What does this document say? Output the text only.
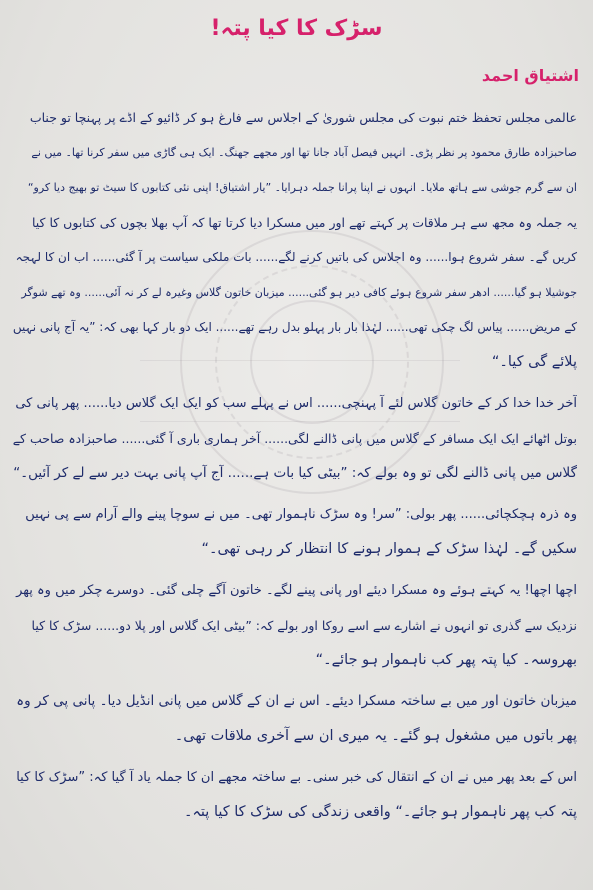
سڑک کا کیا پتہ!
اشتیاق احمد
عالمی مجلس تحفظ ختم نبوت کی مجلس شوریٰ کے اجلاس سے فارغ ہو کر ڈائیو کے اڈے پر پہنچا تو جناب
صاحبزادہ طارق محمود پر نظر پڑی۔ انہیں فیصل آباد جانا تھا اور مجھے جھنگ۔ ایک ہی گاڑی میں سفر کرنا تھا۔ میں نے
ان سے گرم جوشی سے ہاتھ ملایا۔ انہوں نے اپنا پرانا جملہ دہرایا۔ ”یار اشتیاق! اپنی نئی کتابوں کا سیٹ تو بھیج دیا کرو“
یہ جملہ وہ مجھ سے ہر ملاقات پر کہتے تھے اور میں مسکرا دیا کرتا تھا کہ آپ بھلا بچوں کی کتابوں کا کیا
کریں گے۔ سفر شروع ہوا...... وہ اجلاس کی باتیں کرنے لگے...... بات ملکی سیاست پر آ گئی...... اب ان کا لہجہ
جوشیلا ہو گیا...... ادھر سفر شروع ہوئے کافی دیر ہو گئی...... میزبان خاتون گلاس وغیرہ لے کر نہ آئی...... وہ تھے شوگر
کے مریض...... پیاس لگ چکی تھی...... لہٰذا بار بار پہلو بدل رہے تھے...... ایک دو بار کہا بھی کہ: ”یہ آج پانی نہیں
پلائے گی کیا۔“
آخر خدا خدا کر کے خاتون گلاس لئے آ پہنچی...... اس نے پہلے سب کو ایک ایک گلاس دیا...... پھر پانی کی
بوتل اٹھائے ایک ایک مسافر کے گلاس میں پانی ڈالنے لگی...... آخر ہماری باری آ گئی...... صاحبزادہ صاحب کے
گلاس میں پانی ڈالنے لگی تو وہ بولے کہ: ”بیٹی کیا بات ہے...... آج آپ پانی بہت دیر سے لے کر آئیں۔“
وہ ذرہ ہچکچائی...... پھر بولی: ”سر! وہ سڑک ناہموار تھی۔ میں نے سوچا پینے والے آرام سے پی نہیں
سکیں گے۔ لہٰذا سڑک کے ہموار ہونے کا انتظار کر رہی تھی۔“
اچھا اچھا! یہ کہتے ہوئے وہ مسکرا دیئے اور پانی پینے لگے۔ خاتون آگے چلی گئی۔ دوسرے چکر میں وہ پھر
نزدیک سے گذری تو انہوں نے اشارے سے اسے روکا اور بولے کہ: ”بیٹی ایک گلاس اور پلا دو...... سڑک کا کیا
بھروسہ۔ کیا پتہ پھر کب ناہموار ہو جائے۔“
میزبان خاتون اور میں بے ساختہ مسکرا دیئے۔ اس نے ان کے گلاس میں پانی انڈیل دیا۔ پانی پی کر وہ
پھر باتوں میں مشغول ہو گئے۔ یہ میری ان سے آخری ملاقات تھی۔
اس کے بعد پھر میں نے ان کے انتقال کی خبر سنی۔ بے ساختہ مجھے ان کا جملہ یاد آ گیا کہ: ”سڑک کا کیا
پتہ کب پھر ناہموار ہو جائے۔“ واقعی زندگی کی سڑک کا کیا پتہ۔
